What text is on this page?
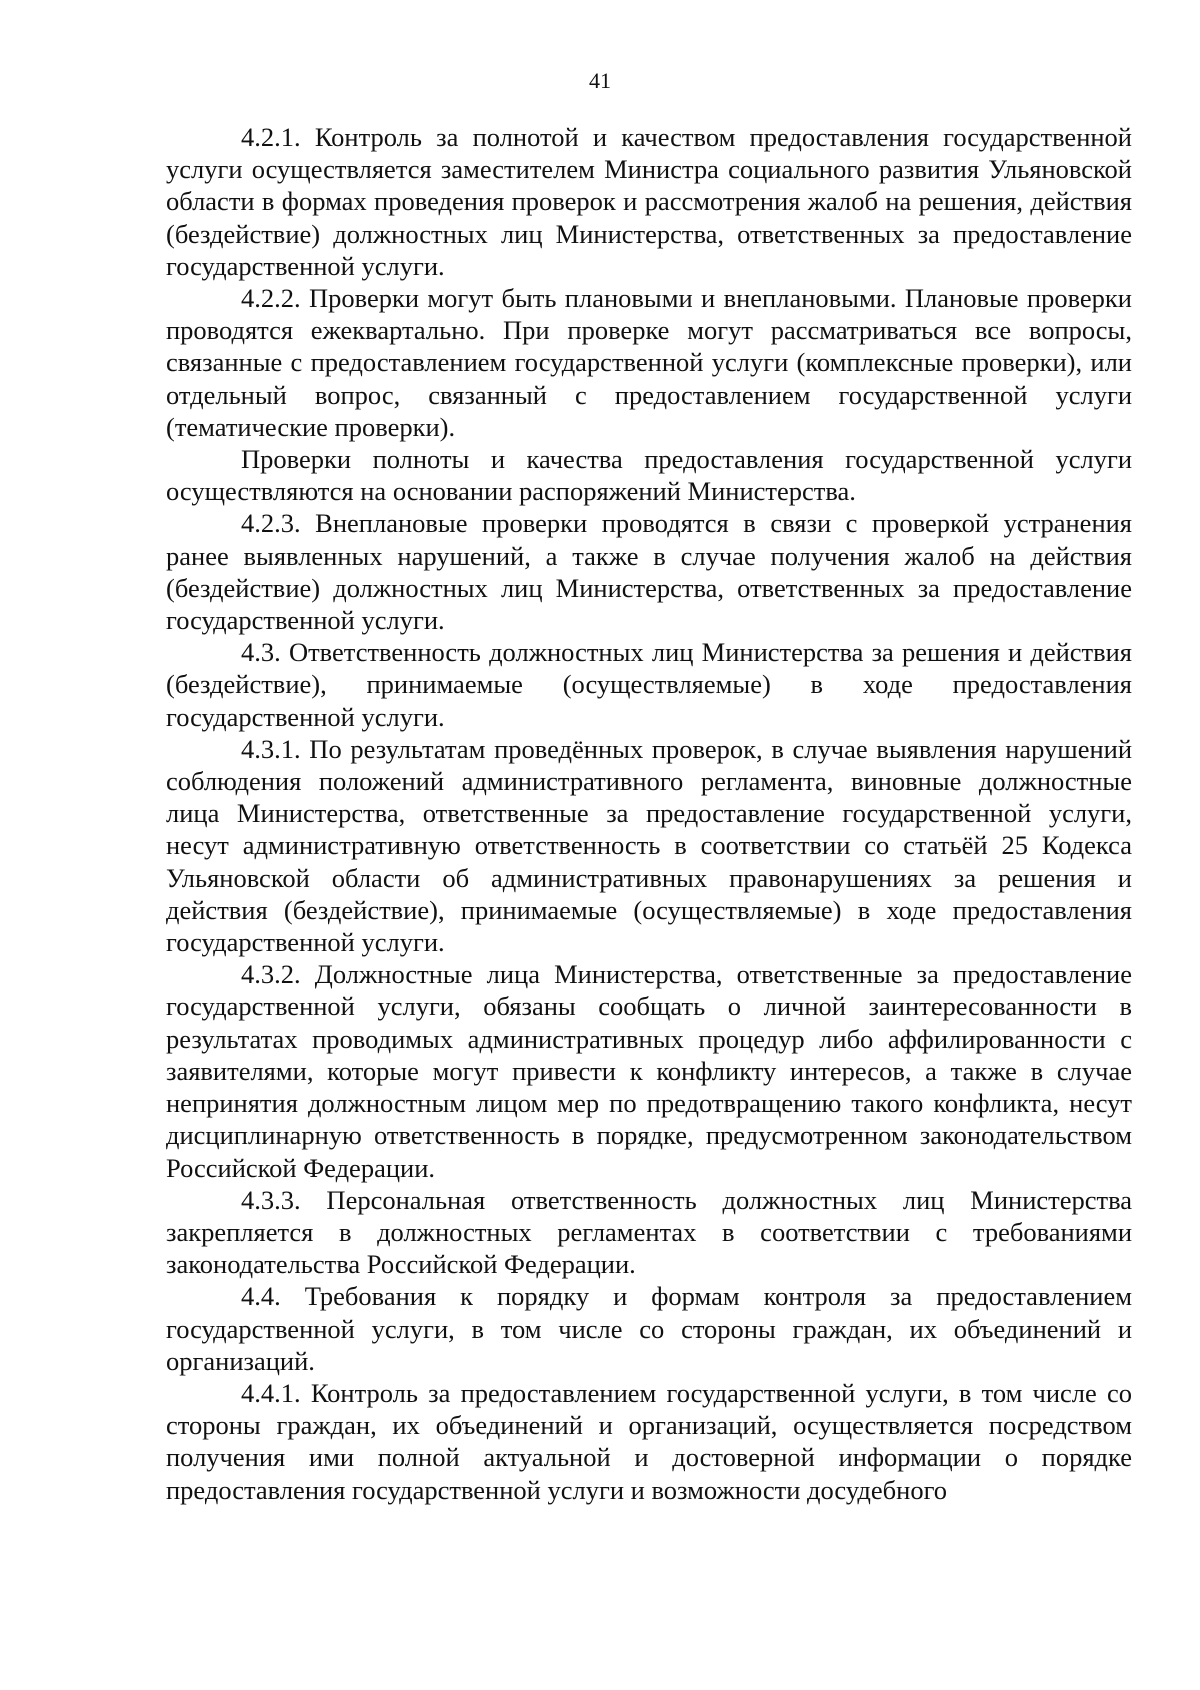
41

4.2.1. Контроль за полнотой и качеством предоставления государственной услуги осуществляется заместителем Министра социального развития Ульяновской области в формах проведения проверок и рассмотрения жалоб на решения, действия (бездействие) должностных лиц Министерства, ответственных за предоставление государственной услуги.

4.2.2. Проверки могут быть плановыми и внеплановыми. Плановые проверки проводятся ежеквартально. При проверке могут рассматриваться все вопросы, связанные с предоставлением государственной услуги (комплексные проверки), или отдельный вопрос, связанный с предоставлением государственной услуги (тематические проверки).

Проверки полноты и качества предоставления государственной услуги осуществляются на основании распоряжений Министерства.

4.2.3. Внеплановые проверки проводятся в связи с проверкой устранения ранее выявленных нарушений, а также в случае получения жалоб на действия (бездействие) должностных лиц Министерства, ответственных за предоставление государственной услуги.

4.3. Ответственность должностных лиц Министерства за решения и действия (бездействие), принимаемые (осуществляемые) в ходе предоставления государственной услуги.

4.3.1. По результатам проведённых проверок, в случае выявления нарушений соблюдения положений административного регламента, виновные должностные лица Министерства, ответственные за предоставление государственной услуги, несут административную ответственность в соответствии со статьёй 25 Кодекса Ульяновской области об административных правонарушениях за решения и действия (бездействие), принимаемые (осуществляемые) в ходе предоставления государственной услуги.

4.3.2. Должностные лица Министерства, ответственные за предоставление государственной услуги, обязаны сообщать о личной заинтересованности в результатах проводимых административных процедур либо аффилированности с заявителями, которые могут привести к конфликту интересов, а также в случае непринятия должностным лицом мер по предотвращению такого конфликта, несут дисциплинарную ответственность в порядке, предусмотренном законодательством Российской Федерации.

4.3.3. Персональная ответственность должностных лиц Министерства закрепляется в должностных регламентах в соответствии с требованиями законодательства Российской Федерации.

4.4. Требования к порядку и формам контроля за предоставлением государственной услуги, в том числе со стороны граждан, их объединений и организаций.

4.4.1. Контроль за предоставлением государственной услуги, в том числе со стороны граждан, их объединений и организаций, осуществляется посредством получения ими полной актуальной и достоверной информации о порядке предоставления государственной услуги и возможности досудебного
